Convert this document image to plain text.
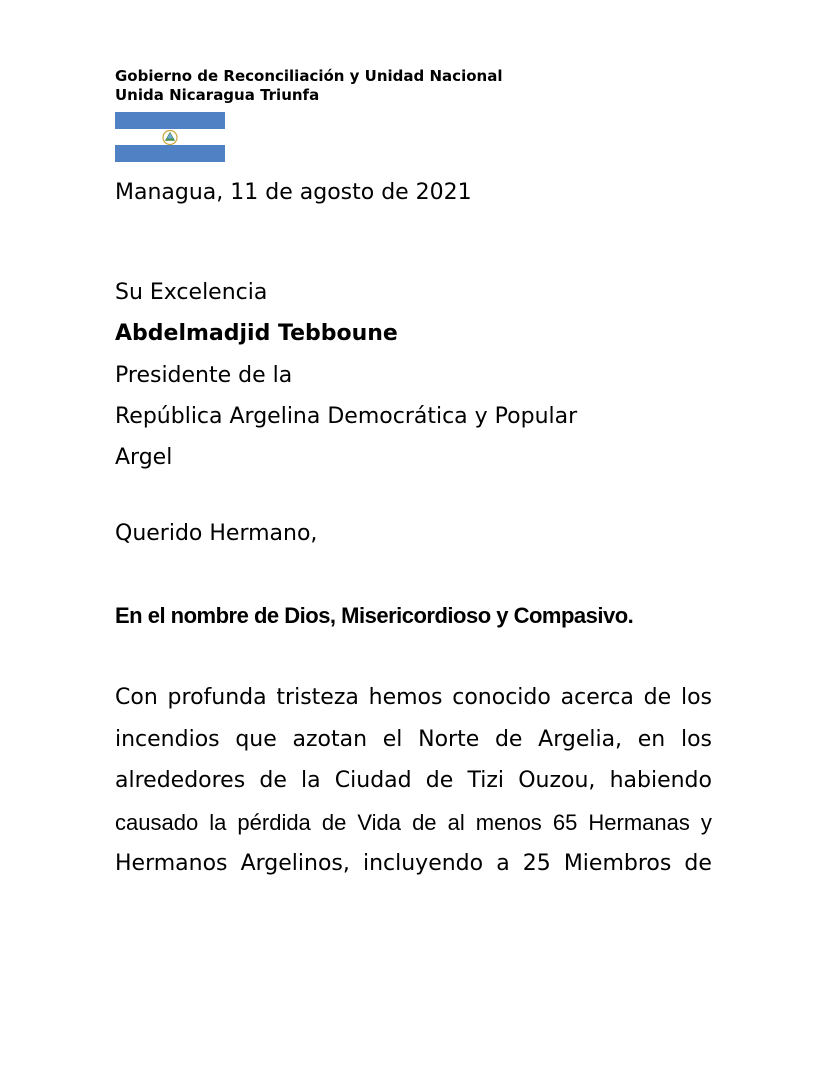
Gobierno de Reconciliación y Unidad Nacional
Unida Nicaragua Triunfa
Managua, 11 de agosto de 2021
Su Excelencia
Abdelmadjid Tebboune
Presidente de la
República Argelina Democrática y Popular
Argel
Querido Hermano,
En el nombre de Dios, Misericordioso y Compasivo.
Con profunda tristeza hemos conocido acerca de los
incendios que azotan el Norte de Argelia, en los
alrededores de la Ciudad de Tizi Ouzou, habiendo
causado la pérdida de Vida de al menos 65 Hermanas y
Hermanos Argelinos, incluyendo a 25 Miembros de
